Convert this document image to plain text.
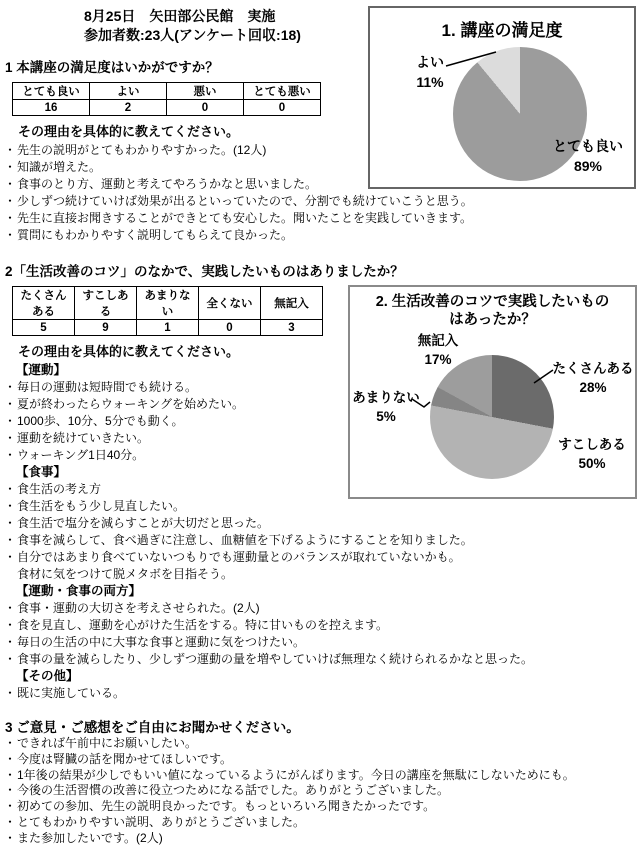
8月25日　矢田部公民館　実施
参加者数:23人(アンケート回収:18)
1 本講座の満足度はいかがですか？
とても良い	よい	悪い	とても悪い
16	2	0	0
その理由を具体的に教えてください。
・ 先生の説明がとてもわかりやすかった。(12人)
・ 知識が増えた。
・ 食事のとり方、運動と考えてやろうかなと思いました。
・ 少しずつ続けていけば効果が出るといっていたので、分割でも続けていこうと思う。
・ 先生に直接お聞きすることができとても安心した。聞いたことを実践していきます。
・ 質問にもわかりやすく説明してもらえて良かった。
2「生活改善のコツ」のなかで、実践したいものはありましたか？
たくさんある	すこしある	あまりない	全くない	無記入
5	9	1	0	3
その理由を具体的に教えてください。
【運動】
・ 毎日の運動は短時間でも続ける。
・ 夏が終わったらウォーキングを始めたい。
・ 1000歩、10分、5分でも動く。
・ 運動を続けていきたい。
・ ウォーキング1日40分。
【食事】
・ 食生活の考え方
・ 食生活をもう少し見直したい。
・ 食生活で塩分を減らすことが大切だと思った。
・ 食事を減らして、食べ過ぎに注意し、血糖値を下げるようにすることを知りました。
・ 自分ではあまり食べていないつもりでも運動量とのバランスが取れていないかも。
食材に気をつけて脱メタボを目指そう。
【運動・食事の両方】
・ 食事・運動の大切さを考えさせられた。(2人)
・ 食を見直し、運動を心がけた生活をする。特に甘いものを控えます。
・ 毎日の生活の中に大事な食事と運動に気をつけたい。
・ 食事の量を減らしたり、少しずつ運動の量を増やしていけば無理なく続けられるかなと思った。
【その他】
・ 既に実施している。
3 ご意見・ご感想をご自由にお聞かせください。
・ できれば午前中にお願いしたい。
・ 今度は腎臓の話を聞かせてほしいです。
・ 1年後の結果が少しでもいい値になっているようにがんばります。今日の講座を無駄にしないためにも。
・ 今後の生活習慣の改善に役立つためになる話でした。ありがとうございました。
・ 初めての参加、先生の説明良かったです。もっといろいろ聞きたかったです。
・ とてもわかりやすい説明、ありがとうございました。
・ また参加したいです。(2人)
1. 講座の満足度
よい
11%
とても良い
89%
2. 生活改善のコツで実践したいものはあったか？
無記入
17%
たくさんある
28%
あまりない
5%
すこしある
50%
